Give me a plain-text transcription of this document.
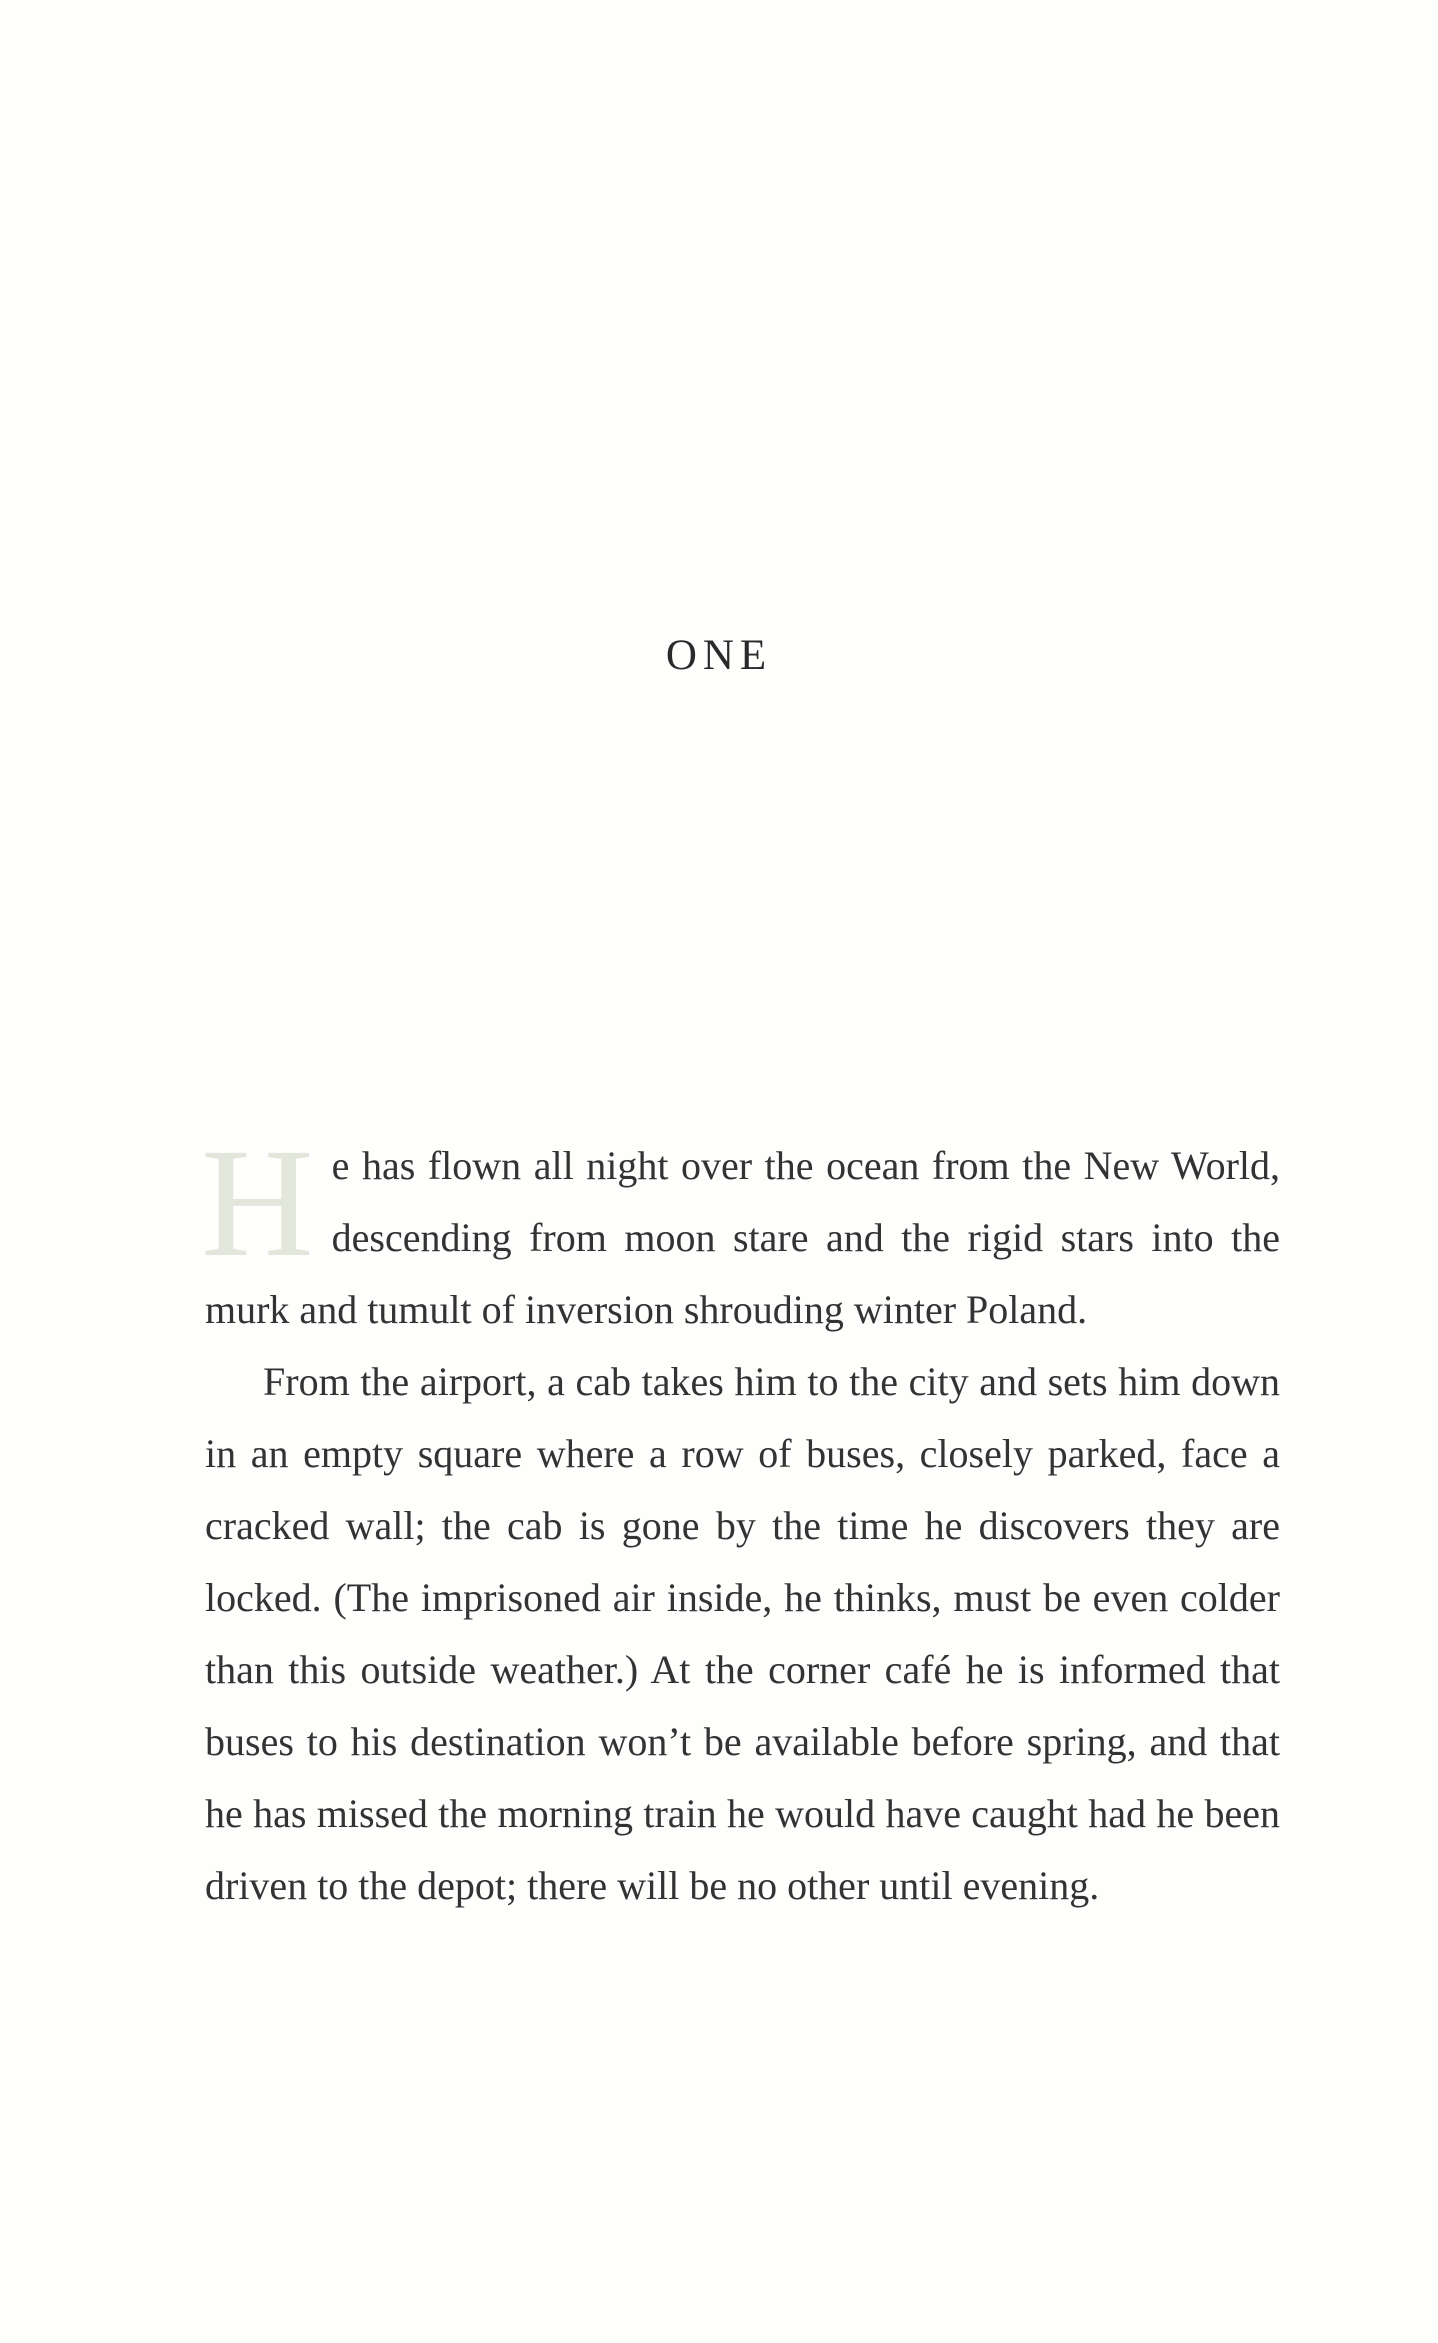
ONE

He has flown all night over the ocean from the New World, descending from moon stare and the rigid stars into the murk and tumult of inversion shrouding winter Poland.

From the airport, a cab takes him to the city and sets him down in an empty square where a row of buses, closely parked, face a cracked wall; the cab is gone by the time he discovers they are locked. (The imprisoned air inside, he thinks, must be even colder than this outside weather.) At the corner café he is informed that buses to his destination won’t be available before spring, and that he has missed the morning train he would have caught had he been driven to the depot; there will be no other until evening.
